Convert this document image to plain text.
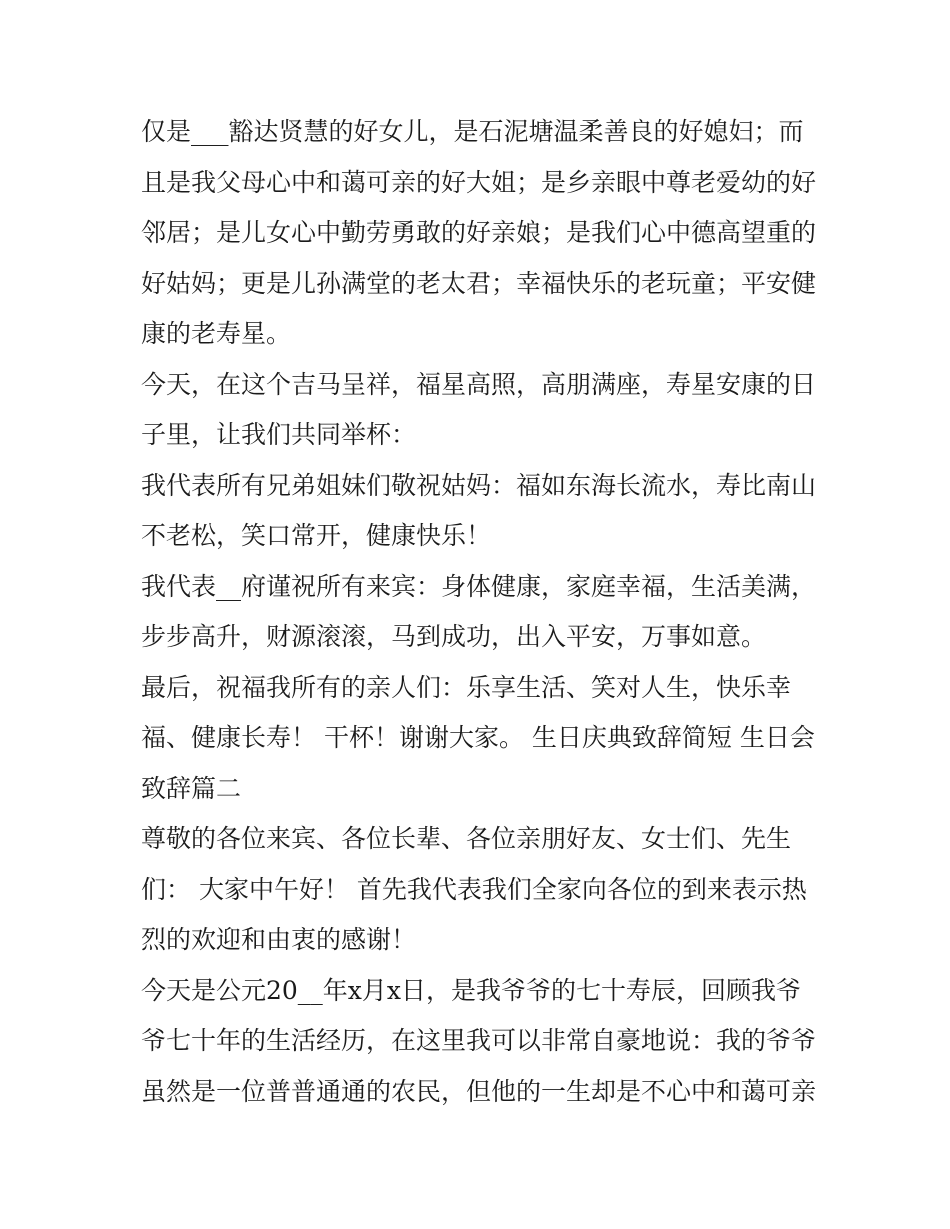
仅是___豁达贤慧的好女儿，是石泥塘温柔善良的好媳妇；而
且是我父母心中和蔼可亲的好大姐；是乡亲眼中尊老爱幼的好
邻居；是儿女心中勤劳勇敢的好亲娘；是我们心中德高望重的
好姑妈；更是儿孙满堂的老太君；幸福快乐的老玩童；平安健
康的老寿星。
今天，在这个吉马呈祥，福星高照，高朋满座，寿星安康的日
子里，让我们共同举杯：
我代表所有兄弟姐妹们敬祝姑妈：福如东海长流水，寿比南山
不老松，笑口常开，健康快乐！
我代表__府谨祝所有来宾：身体健康，家庭幸福，生活美满，
步步高升，财源滚滚，马到成功，出入平安，万事如意。
最后，祝福我所有的亲人们：乐享生活、笑对人生，快乐幸
福、健康长寿！ 干杯！谢谢大家。 生日庆典致辞简短 生日会
致辞篇二
尊敬的各位来宾、各位长辈、各位亲朋好友、女士们、先生
们： 大家中午好！ 首先我代表我们全家向各位的到来表示热
烈的欢迎和由衷的感谢！
今天是公元20__年x月x日，是我爷爷的七十寿辰，回顾我爷
爷七十年的生活经历，在这里我可以非常自豪地说：我的爷爷
虽然是一位普普通通的农民，但他的一生却是不心中和蔼可亲
